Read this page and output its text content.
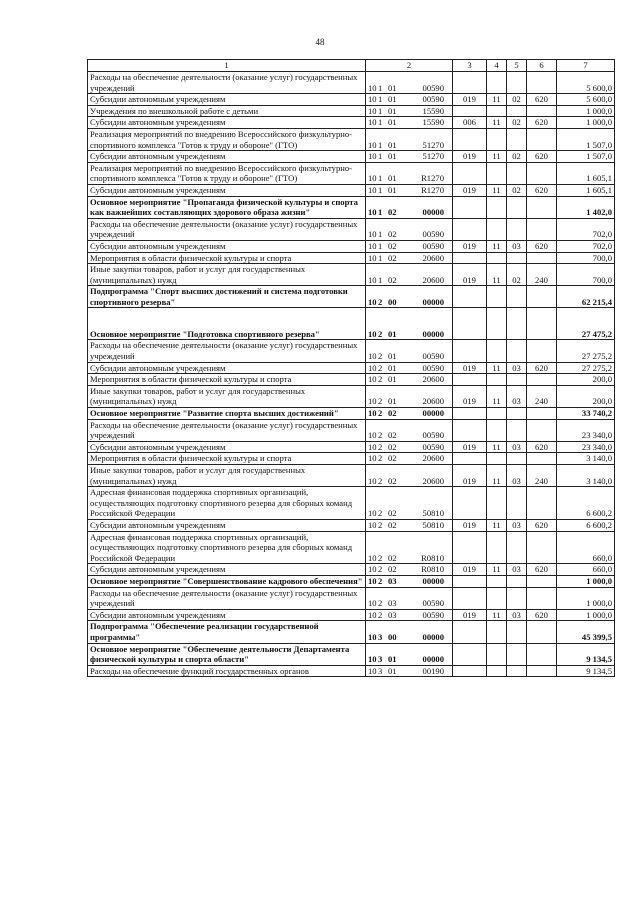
48
1	2	3	4	5	6	7
Расходы на обеспечение деятельности (оказание услуг) государственных учреждений	101 01 00590					5 600,0
Субсидии автономным учреждениям	101 01 00590	019	11	02	620	5 600,0
Учреждения по внешкольной работе с детьми	101 01 15590					1 000,0
Субсидии автономным учреждениям	101 01 15590	006	11	02	620	1 000,0
Реализация мероприятий по внедрению Всероссийского физкультурно-спортивного комплекса "Готов к труду и обороне" (ГТО)	101 01 51270					1 507,0
Субсидии автономным учреждениям	101 01 51270	019	11	02	620	1 507,0
Реализация мероприятий по внедрению Всероссийского физкультурно-спортивного комплекса "Готов к труду и обороне" (ГТО)	101 01 R1270					1 605,1
Субсидии автономным учреждениям	101 01 R1270	019	11	02	620	1 605,1
Основное мероприятие "Пропаганда физической культуры и спорта как важнейших составляющих здорового образа жизни"	101 02 00000					1 402,0
Расходы на обеспечение деятельности (оказание услуг) государственных учреждений	101 02 00590					702,0
Субсидии автономным учреждениям	101 02 00590	019	11	03	620	702,0
Мероприятия в области физической культуры и спорта	101 02 20600					700,0
Иные закупки товаров, работ и услуг для государственных (муниципальных) нужд	101 02 20600	019	11	02	240	700,0
Подпрограмма "Спорт высших достижений и система подготовки спортивного резерва"	102 00 00000					62 215,4
Основное мероприятие "Подготовка спортивного резерва"	102 01 00000					27 475,2
Расходы на обеспечение деятельности (оказание услуг) государственных учреждений	102 01 00590					27 275,2
Субсидии автономным учреждениям	102 01 00590	019	11	03	620	27 275,2
Мероприятия в области физической культуры и спорта	102 01 20600					200,0
Иные закупки товаров, работ и услуг для государственных (муниципальных) нужд	102 01 20600	019	11	03	240	200,0
Основное мероприятие "Развитие спорта высших достижений"	102 02 00000					33 740,2
Расходы на обеспечение деятельности (оказание услуг) государственных учреждений	102 02 00590					23 340,0
Субсидии автономным учреждениям	102 02 00590	019	11	03	620	23 340,0
Мероприятия в области физической культуры и спорта	102 02 20600					3 140,0
Иные закупки товаров, работ и услуг для государственных (муниципальных) нужд	102 02 20600	019	11	03	240	3 140,0
Адресная финансовая поддержка спортивных организаций, осуществляющих подготовку спортивного резерва для сборных команд Российской Федерации	102 02 50810					6 600,2
Субсидии автономным учреждениям	102 02 50810	019	11	03	620	6 600,2
Адресная финансовая поддержка спортивных организаций, осуществляющих подготовку спортивного резерва для сборных команд Российской Федерации	102 02 R0810					660,0
Субсидии автономным учреждениям	102 02 R0810	019	11	03	620	660,0
Основное мероприятие "Совершенствование кадрового обеспечения"	102 03 00000					1 000,0
Расходы на обеспечение деятельности (оказание услуг) государственных учреждений	102 03 00590					1 000,0
Субсидии автономным учреждениям	102 03 00590	019	11	03	620	1 000,0
Подпрограмма "Обеспечение реализации государственной программы"	103 00 00000					45 399,5
Основное мероприятие "Обеспечение деятельности Департамента физической культуры и спорта области"	103 01 00000					9 134,5
Расходы на обеспечение функций государственных органов	103 01 00190					9 134,5
